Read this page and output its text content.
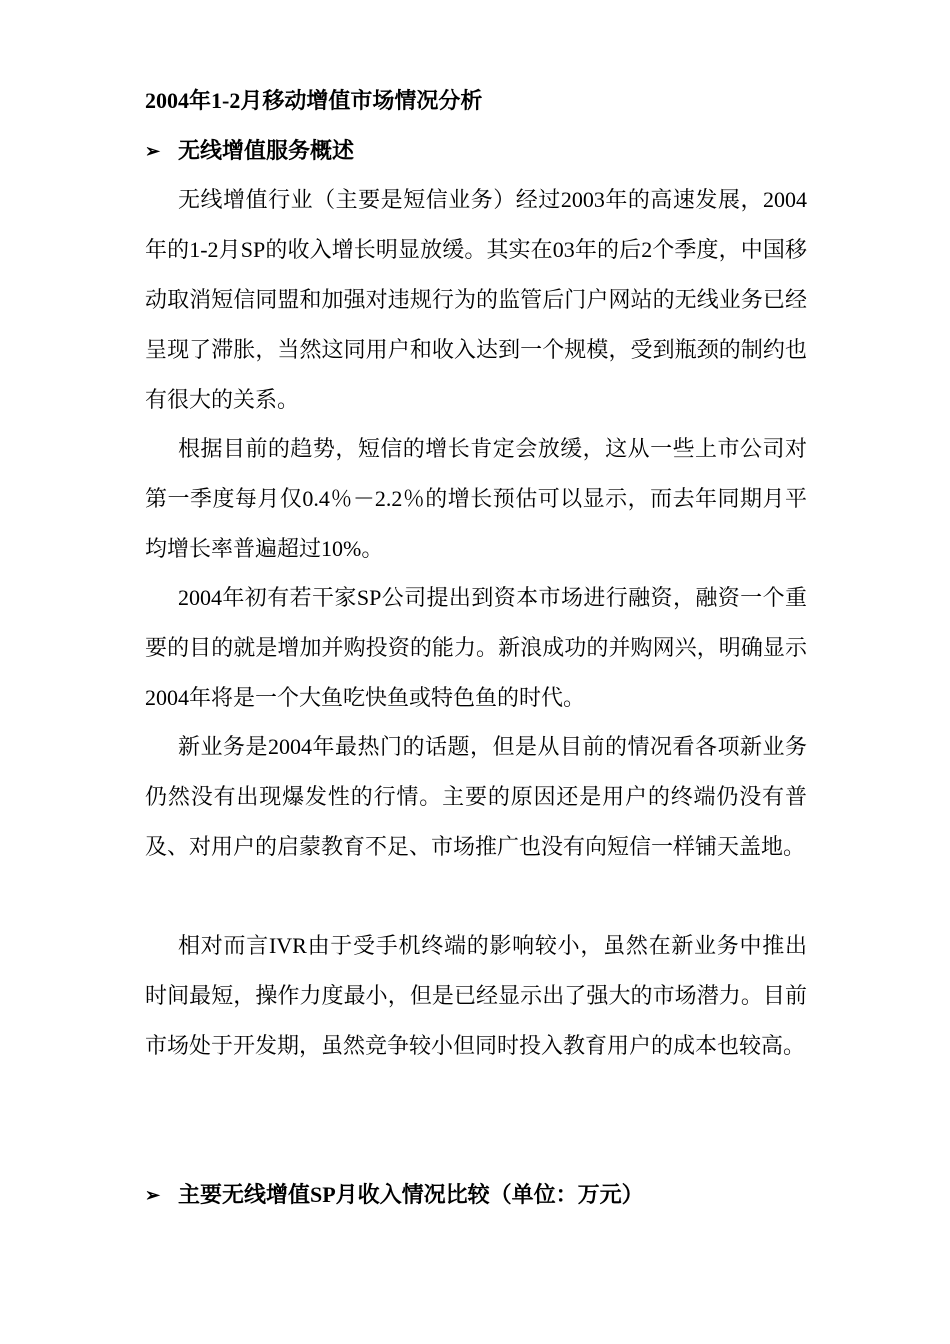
2004年1-2月移动增值市场情况分析
➢ 无线增值服务概述

无线增值行业（主要是短信业务）经过2003年的高速发展，2004年的1-2月SP的收入增长明显放缓。其实在03年的后2个季度，中国移动取消短信同盟和加强对违规行为的监管后门户网站的无线业务已经呈现了滞胀，当然这同用户和收入达到一个规模，受到瓶颈的制约也有很大的关系。

根据目前的趋势，短信的增长肯定会放缓，这从一些上市公司对第一季度每月仅0.4％－2.2％的增长预估可以显示，而去年同期月平均增长率普遍超过10%。

2004年初有若干家SP公司提出到资本市场进行融资，融资一个重要的目的就是增加并购投资的能力。新浪成功的并购网兴，明确显示2004年将是一个大鱼吃快鱼或特色鱼的时代。

新业务是2004年最热门的话题，但是从目前的情况看各项新业务仍然没有出现爆发性的行情。主要的原因还是用户的终端仍没有普及、对用户的启蒙教育不足、市场推广也没有向短信一样铺天盖地。

相对而言IVR由于受手机终端的影响较小，虽然在新业务中推出时间最短，操作力度最小，但是已经显示出了强大的市场潜力。目前市场处于开发期，虽然竞争较小但同时投入教育用户的成本也较高。

➢ 主要无线增值SP月收入情况比较（单位：万元）
